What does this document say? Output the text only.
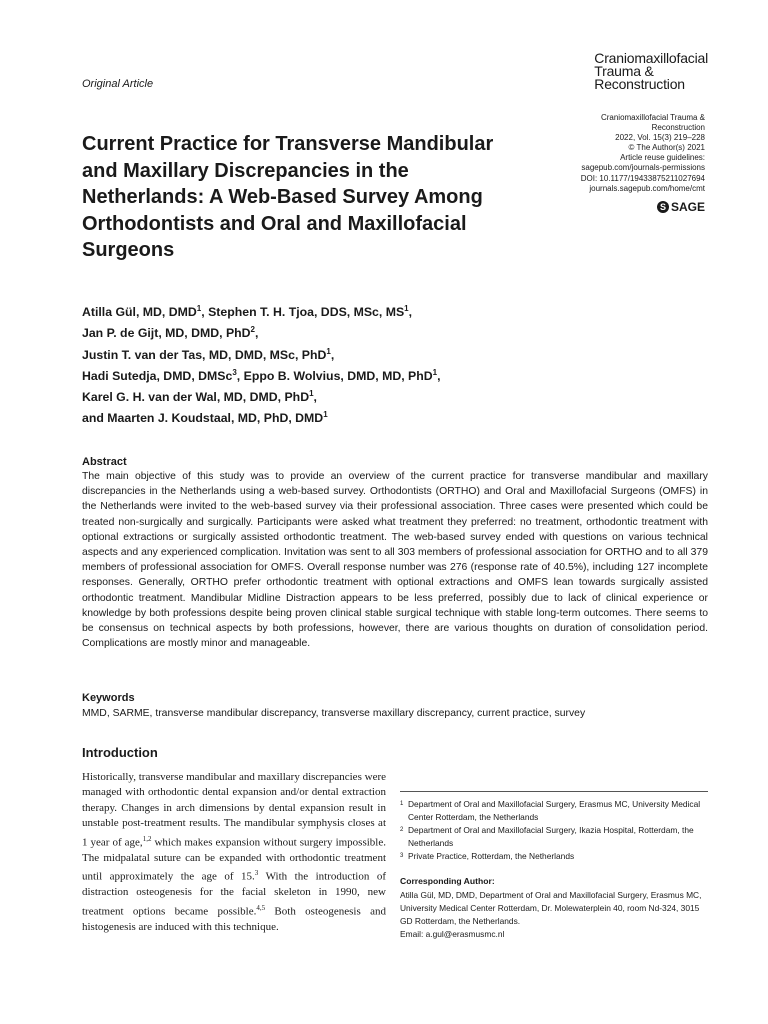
Original Article
Craniomaxillofacial
Trauma &
Reconstruction
Craniomaxillofacial Trauma &
Reconstruction
2022, Vol. 15(3) 219–228
© The Author(s) 2021
Article reuse guidelines:
sagepub.com/journals-permissions
DOI: 10.1177/19433875211027694
journals.sagepub.com/home/cmt
S SAGE
Current Practice for Transverse Mandibular and Maxillary Discrepancies in the Netherlands: A Web-Based Survey Among Orthodontists and Oral and Maxillofacial Surgeons
Atilla Gül, MD, DMD$^1$, Stephen T. H. Tjoa, DDS, MSc, $MS^1$,
Jan P. de Gijt, MD, DMD, PhD$^2$,
Justin T. van der Tas, MD, DMD, MSc, PhD$^1$,
Hadi Sutedja, DMD, DMSc$^3$, Eppo B. Wolvius, DMD, MD, PhD$^1$,
Karel G. H. van der Wal, MD, DMD, PhD$^1$,
and Maarten J. Koudstaal, MD, PhD, DMD$^1$
Abstract

The main objective of this study was to provide an overview of the current practice for transverse mandibular and maxillary discrepancies in the Netherlands using a web-based survey. Orthodontists (ORTHO) and Oral and Maxillofacial Surgeons (OMFS) in the Netherlands were invited to the web-based survey via their professional association. Three cases were presented which could be treated non-surgically and surgically. Participants were asked what treatment they preferred: no treatment, orthodontic treatment with optional extractions or surgically assisted orthodontic treatment. The web-based survey ended with questions on various technical aspects and any experienced complication. Invitation was sent to all 303 members of professional association for ORTHO and to all 379 members of professional association for OMFS. Overall response number was 276 (response rate of 40.5%), including 127 incomplete responses. Generally, ORTHO prefer orthodontic treatment with optional extractions and OMFS lean towards surgically assisted orthodontic treatment. Mandibular Midline Distraction appears to be less preferred, possibly due to lack of clinical experience or knowledge by both professions despite being proven clinical stable surgical technique with stable long-term outcomes. There seems to be consensus on technical aspects by both professions, however, there are various thoughts on duration of consolidation period. Complications are mostly minor and manageable.

Keywords
MMD, SARME, transverse mandibular discrepancy, transverse maxillary discrepancy, current practice, survey
Introduction

Historically, transverse mandibular and maxillary discrepancies were managed with orthodontic dental expansion and/or dental extraction therapy. Changes in arch dimensions by dental expansion result in unstable post-treatment results. The mandibular symphysis closes at 1 year of age,$^{1,2}$ which makes expansion without surgery impossible. The midpalatal suture can be expanded with orthodontic treatment until approximately the age of 15.$^3$ With the introduction of distraction osteogenesis for the facial skeleton in 1990, new treatment options became possible.$^{4,5}$ Both osteogenesis and histogenesis are induced with this technique.

1 Department of Oral and Maxillofacial Surgery, Erasmus MC, University Medical Center Rotterdam, the Netherlands
2 Department of Oral and Maxillofacial Surgery, Ikazia Hospital, Rotterdam, the Netherlands
3 Private Practice, Rotterdam, the Netherlands
Corresponding Author:
Atilla Gül, MD, DMD, Department of Oral and Maxillofacial Surgery, Erasmus MC, University Medical Center Rotterdam, Dr. Molewaterplein 40, room Nd-324, 3015 GD Rotterdam, the Netherlands.
Email: a.gul@erasmusmc.nl
